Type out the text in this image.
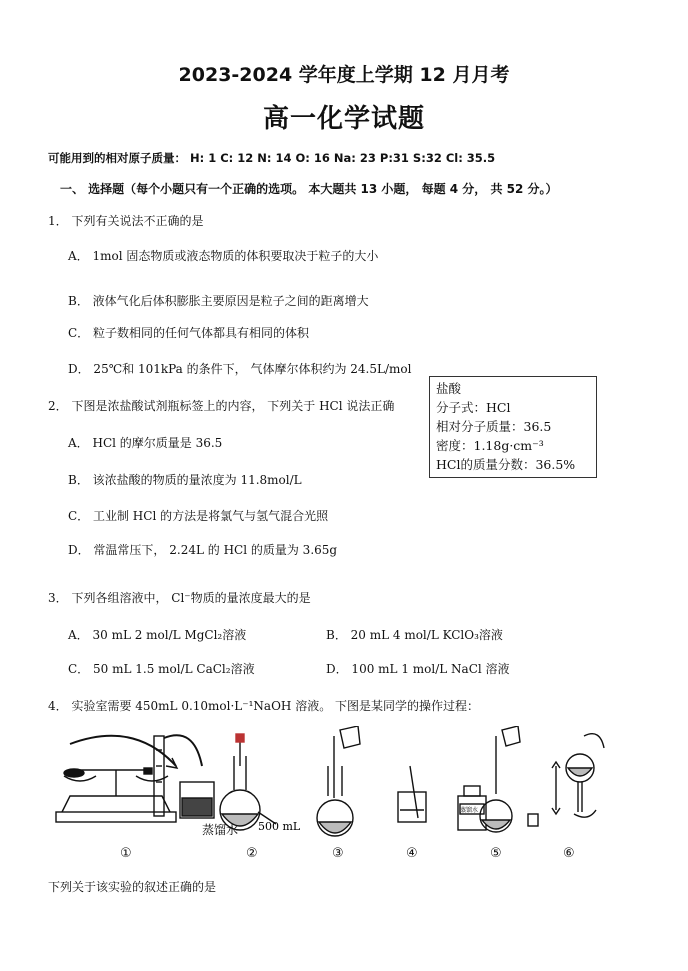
2023-2024 学年度上学期 12 月月考
高一化学试题
可能用到的相对原子质量： H: 1 C: 12 N: 14 O: 16 Na: 23 P:31 S:32 Cl: 35.5
一、 选择题（每个小题只有一个正确的选项。 本大题共 13 小题， 每题 4 分， 共 52 分。）
1． 下列有关说法不正确的是
A． 1mol 固态物质或液态物质的体积要取决于粒子的大小
B． 液体气化后体积膨胀主要原因是粒子之间的距离增大
C． 粒子数相同的任何气体都具有相同的体积
D． 25℃和 101kPa 的条件下， 气体摩尔体积约为 24.5L/mol
2． 下图是浓盐酸试剂瓶标签上的内容， 下列关于 HCl 说法正确
A． HCl 的摩尔质量是 36.5
B． 该浓盐酸的物质的量浓度为 11.8mol/L
C． 工业制 HCl 的方法是将氯气与氢气混合光照
D． 常温常压下， 2.24L 的 HCl 的质量为 3.65g
盐酸
分子式：HCl
相对分子质量：36.5
密度：1.18g·cm⁻³
HCl的质量分数：36.5%
3． 下列各组溶液中， Cl⁻物质的量浓度最大的是
A． 30 mL 2 mol/L MgCl₂溶液	B． 20 mL 4 mol/L KClO₃溶液
C． 50 mL 1.5 mol/L CaCl₂溶液	D． 100 mL 1 mol/L NaCl 溶液
4． 实验室需要 450mL 0.10mol·L⁻¹NaOH 溶液。 下图是某同学的操作过程：
蒸馏水 500 mL
蒸馏水
①	②	③	④	⑤	⑥
下列关于该实验的叙述正确的是
